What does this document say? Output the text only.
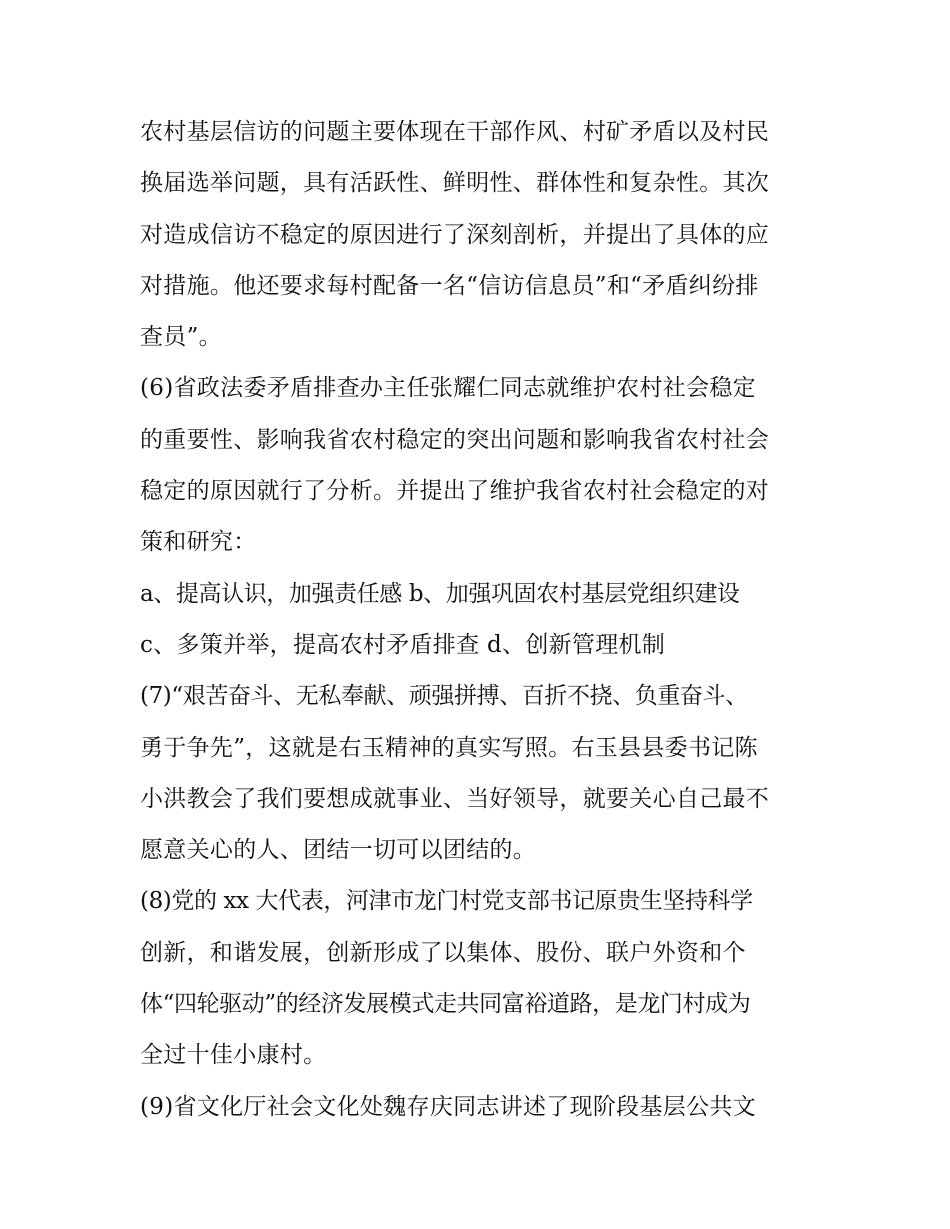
农村基层信访的问题主要体现在干部作风、村矿矛盾以及村民
换届选举问题，具有活跃性、鲜明性、群体性和复杂性。其次
对造成信访不稳定的原因进行了深刻剖析，并提出了具体的应
对措施。他还要求每村配备一名“信访信息员”和“矛盾纠纷排
查员”。
(6)省政法委矛盾排查办主任张耀仁同志就维护农村社会稳定
的重要性、影响我省农村稳定的突出问题和影响我省农村社会
稳定的原因就行了分析。并提出了维护我省农村社会稳定的对
策和研究：
a、提高认识，加强责任感 b、加强巩固农村基层党组织建设
c、多策并举，提高农村矛盾排查 d、创新管理机制
(7)“艰苦奋斗、无私奉献、顽强拼搏、百折不挠、负重奋斗、
勇于争先”，这就是右玉精神的真实写照。右玉县县委书记陈
小洪教会了我们要想成就事业、当好领导，就要关心自己最不
愿意关心的人、团结一切可以团结的。
(8)党的 xx 大代表，河津市龙门村党支部书记原贵生坚持科学
创新，和谐发展，创新形成了以集体、股份、联户外资和个
体“四轮驱动”的经济发展模式走共同富裕道路，是龙门村成为
全过十佳小康村。
(9)省文化厅社会文化处魏存庆同志讲述了现阶段基层公共文
